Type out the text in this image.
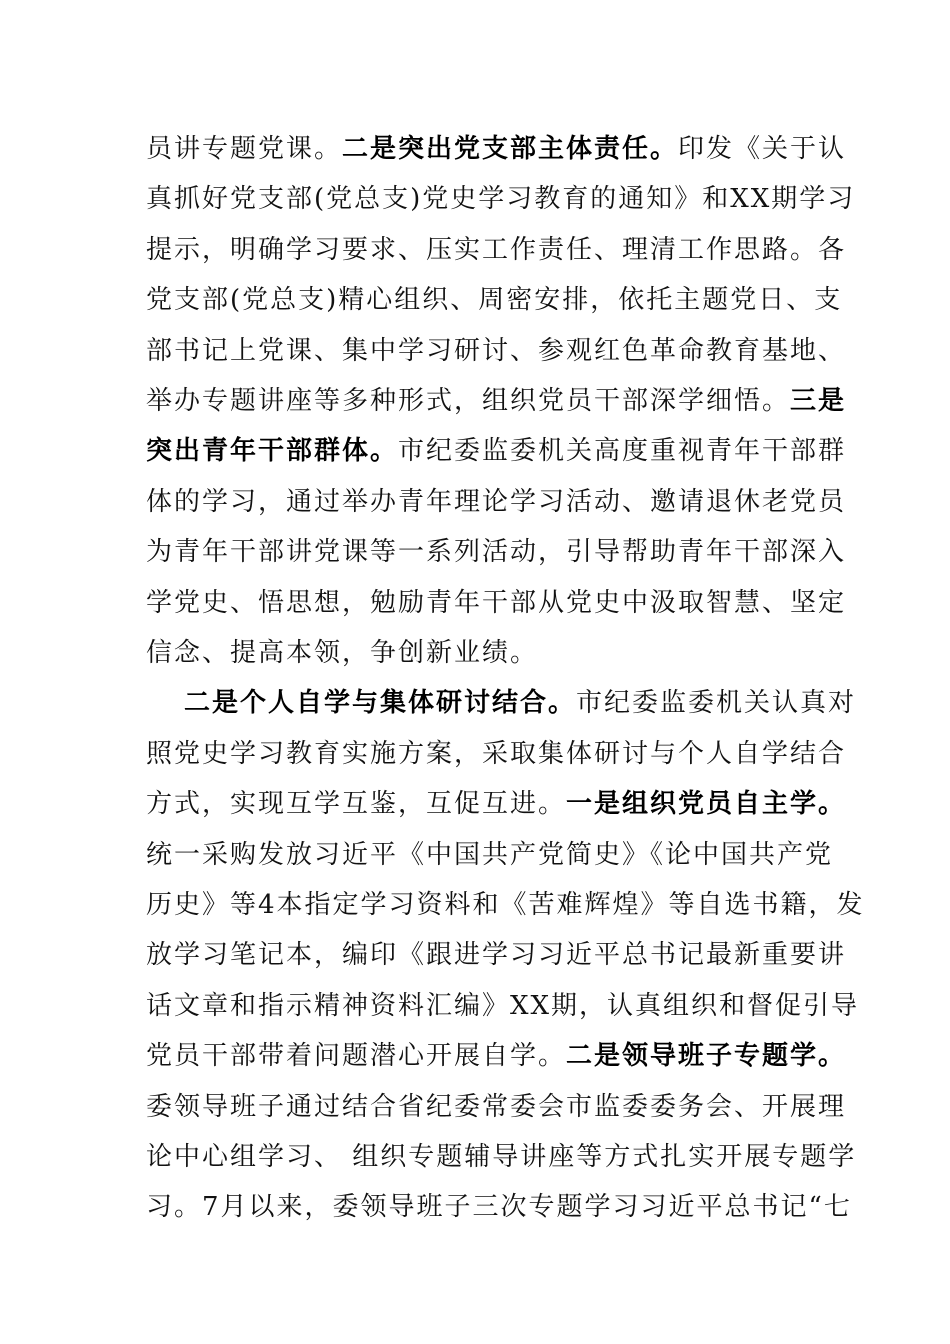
员讲专题党课。二是突出党支部主体责任。印发《关于认
真抓好党支部(党总支)党史学习教育的通知》和XX期学习
提示，明确学习要求、压实工作责任、理清工作思路。各
党支部(党总支)精心组织、周密安排，依托主题党日、支
部书记上党课、集中学习研讨、参观红色革命教育基地、
举办专题讲座等多种形式，组织党员干部深学细悟。三是
突出青年干部群体。市纪委监委机关高度重视青年干部群
体的学习，通过举办青年理论学习活动、邀请退休老党员
为青年干部讲党课等一系列活动，引导帮助青年干部深入
学党史、悟思想，勉励青年干部从党史中汲取智慧、坚定
信念、提高本领，争创新业绩。
二是个人自学与集体研讨结合。市纪委监委机关认真对
照党史学习教育实施方案，采取集体研讨与个人自学结合
方式，实现互学互鉴，互促互进。一是组织党员自主学。
统一采购发放习近平《中国共产党简史》《论中国共产党
历史》等4本指定学习资料和《苦难辉煌》等自选书籍，发
放学习笔记本，编印《跟进学习习近平总书记最新重要讲
话文章和指示精神资料汇编》XX期，认真组织和督促引导
党员干部带着问题潜心开展自学。二是领导班子专题学。
委领导班子通过结合省纪委常委会市监委委务会、开展理
论中心组学习、 组织专题辅导讲座等方式扎实开展专题学
习。7月以来，委领导班子三次专题学习习近平总书记“七
